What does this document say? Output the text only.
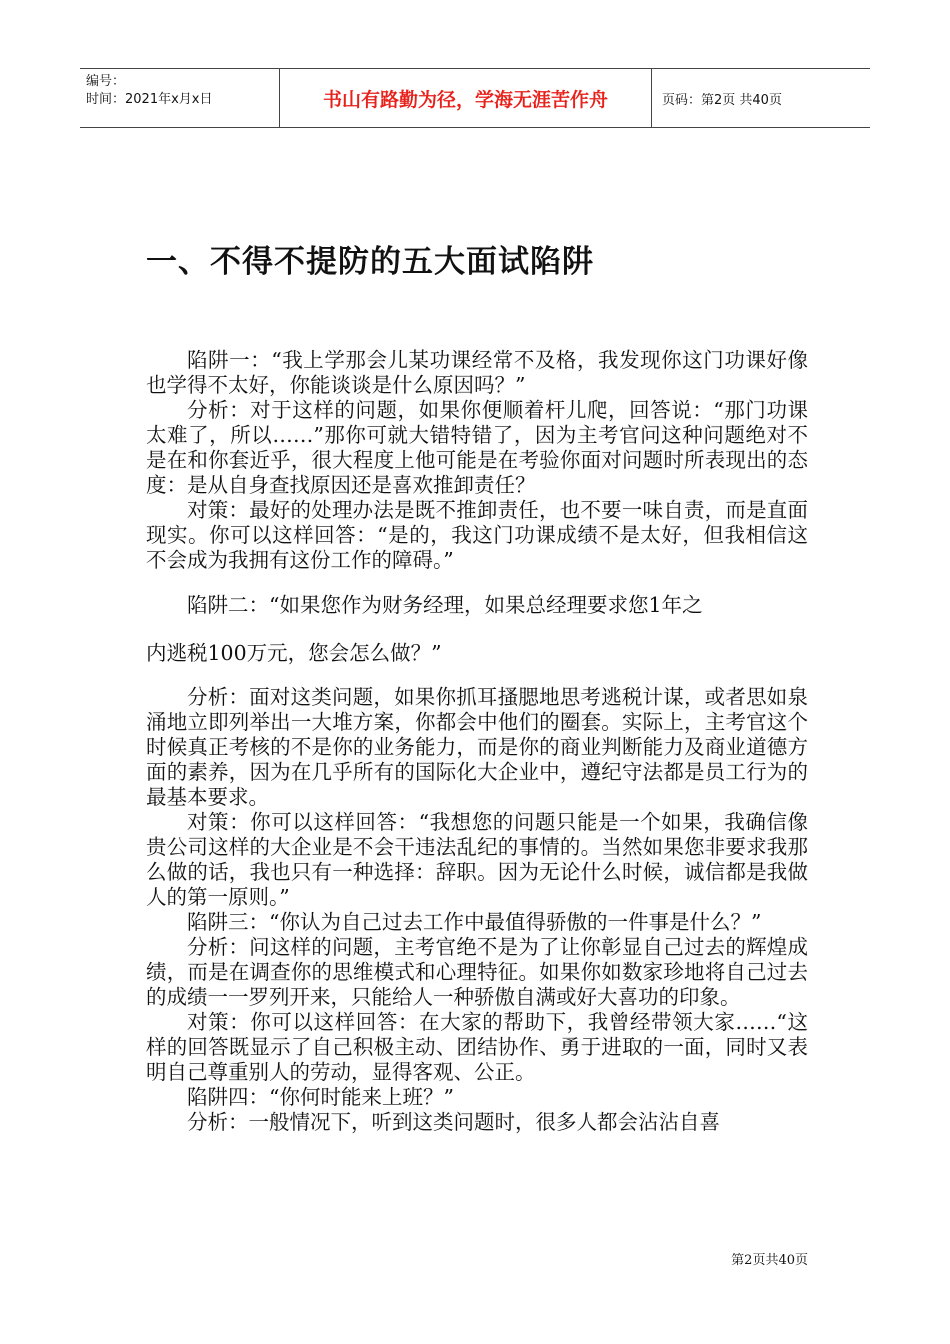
编号：
时间：2021年x月x日	书山有路勤为径，学海无涯苦作舟	页码：第2页 共40页
一、不得不提防的五大面试陷阱

陷阱一：“我上学那会儿某功课经常不及格，我发现你这门功课好像也学得不太好，你能谈谈是什么原因吗？”

分析：对于这样的问题，如果你便顺着杆儿爬，回答说：“那门功课太难了，所以……”那你可就大错特错了，因为主考官问这种问题绝对不是在和你套近乎，很大程度上他可能是在考验你面对问题时所表现出的态度：是从自身查找原因还是喜欢推卸责任？

对策：最好的处理办法是既不推卸责任，也不要一味自责，而是直面现实。你可以这样回答：“是的，我这门功课成绩不是太好，但我相信这不会成为我拥有这份工作的障碍。”

陷阱二：“如果您作为财务经理，如果总经理要求您1年之

内逃税100万元，您会怎么做？”

分析：面对这类问题，如果你抓耳搔腮地思考逃税计谋，或者思如泉涌地立即列举出一大堆方案，你都会中他们的圈套。实际上，主考官这个时候真正考核的不是你的业务能力，而是你的商业判断能力及商业道德方面的素养，因为在几乎所有的国际化大企业中，遵纪守法都是员工行为的最基本要求。

对策：你可以这样回答：“我想您的问题只能是一个如果，我确信像贵公司这样的大企业是不会干违法乱纪的事情的。当然如果您非要求我那么做的话，我也只有一种选择：辞职。因为无论什么时候，诚信都是我做人的第一原则。”

陷阱三：“你认为自己过去工作中最值得骄傲的一件事是什么？”

分析：问这样的问题，主考官绝不是为了让你彰显自己过去的辉煌成绩，而是在调查你的思维模式和心理特征。如果你如数家珍地将自己过去的成绩一一罗列开来，只能给人一种骄傲自满或好大喜功的印象。

对策：你可以这样回答：在大家的帮助下，我曾经带领大家……“这样的回答既显示了自己积极主动、团结协作、勇于进取的一面，同时又表明自己尊重别人的劳动，显得客观、公正。

陷阱四：“你何时能来上班？”

分析：一般情况下，听到这类问题时，很多人都会沾沾自喜

第2页共40页
